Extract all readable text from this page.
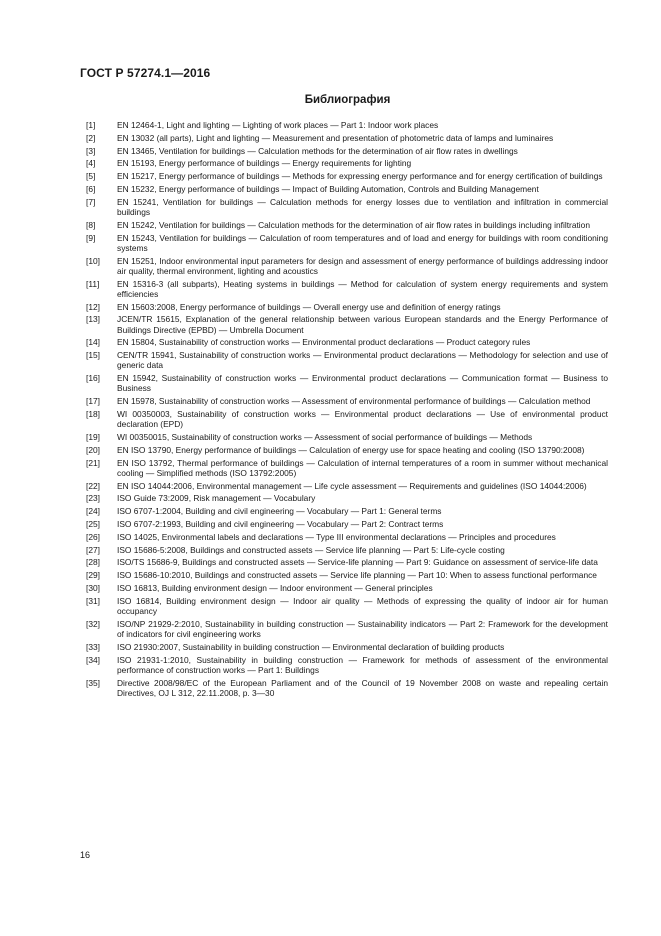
ГОСТ Р 57274.1—2016
Библиография
[1]	EN 12464-1, Light and lighting — Lighting of work places — Part 1: Indoor work places
[2]	EN 13032 (all parts), Light and lighting — Measurement and presentation of photometric data of lamps and luminaires
[3]	EN 13465, Ventilation for buildings — Calculation methods for the determination of air flow rates in dwellings
[4]	EN 15193, Energy performance of buildings — Energy requirements for lighting
[5]	EN 15217, Energy performance of buildings — Methods for expressing energy performance and for energy certification of buildings
[6]	EN 15232, Energy performance of buildings — Impact of Building Automation, Controls and Building Management
[7]	EN 15241, Ventilation for buildings — Calculation methods for energy losses due to ventilation and infiltration in commercial buildings
[8]	EN 15242, Ventilation for buildings — Calculation methods for the determination of air flow rates in buildings including infiltration
[9]	EN 15243, Ventilation for buildings — Calculation of room temperatures and of load and energy for buildings with room conditioning systems
[10]	EN 15251, Indoor environmental input parameters for design and assessment of energy performance of buildings addressing indoor air quality, thermal environment, lighting and acoustics
[11]	EN 15316-3 (all subparts), Heating systems in buildings — Method for calculation of system energy requirements and system efficiencies
[12]	EN 15603:2008, Energy performance of buildings — Overall energy use and definition of energy ratings
[13]	JCEN/TR 15615, Explanation of the general relationship between various European standards and the Energy Performance of Buildings Directive (EPBD) — Umbrella Document
[14]	EN 15804, Sustainability of construction works — Environmental product declarations — Product category rules
[15]	CEN/TR 15941, Sustainability of construction works — Environmental product declarations — Methodology for selection and use of generic data
[16]	EN 15942, Sustainability of construction works — Environmental product declarations — Communication format — Business to Business
[17]	EN 15978, Sustainability of construction works — Assessment of environmental performance of buildings — Calculation method
[18]	WI 00350003, Sustainability of construction works — Environmental product declarations — Use of environmental product declaration (EPD)
[19]	WI 00350015, Sustainability of construction works — Assessment of social performance of buildings — Methods
[20]	EN ISO 13790, Energy performance of buildings — Calculation of energy use for space heating and cooling (ISO 13790:2008)
[21]	EN ISO 13792, Thermal performance of buildings — Calculation of internal temperatures of a room in summer without mechanical cooling — Simplified methods (ISO 13792:2005)
[22]	EN ISO 14044:2006, Environmental management — Life cycle assessment — Requirements and guidelines (ISO 14044:2006)
[23]	ISO Guide 73:2009, Risk management — Vocabulary
[24]	ISO 6707-1:2004, Building and civil engineering — Vocabulary — Part 1: General terms
[25]	ISO 6707-2:1993, Building and civil engineering — Vocabulary — Part 2: Contract terms
[26]	ISO 14025, Environmental labels and declarations — Type III environmental declarations — Principles and procedures
[27]	ISO 15686-5:2008, Buildings and constructed assets — Service life planning — Part 5: Life-cycle costing
[28]	ISO/TS 15686-9, Buildings and constructed assets — Service-life planning — Part 9: Guidance on assessment of service-life data
[29]	ISO 15686-10:2010, Buildings and constructed assets — Service life planning — Part 10: When to assess functional performance
[30]	ISO 16813, Building environment design — Indoor environment — General principles
[31]	ISO 16814, Building environment design — Indoor air quality — Methods of expressing the quality of indoor air for human occupancy
[32]	ISO/NP 21929-2:2010, Sustainability in building construction — Sustainability indicators — Part 2: Framework for the development of indicators for civil engineering works
[33]	ISO 21930:2007, Sustainability in building construction — Environmental declaration of building products
[34]	ISO 21931-1:2010, Sustainability in building construction — Framework for methods of assessment of the environmental performance of construction works — Part 1: Buildings
[35]	Directive 2008/98/EC of the European Parliament and of the Council of 19 November 2008 on waste and repealing certain Directives, OJ L 312, 22.11.2008, p. 3—30
16
